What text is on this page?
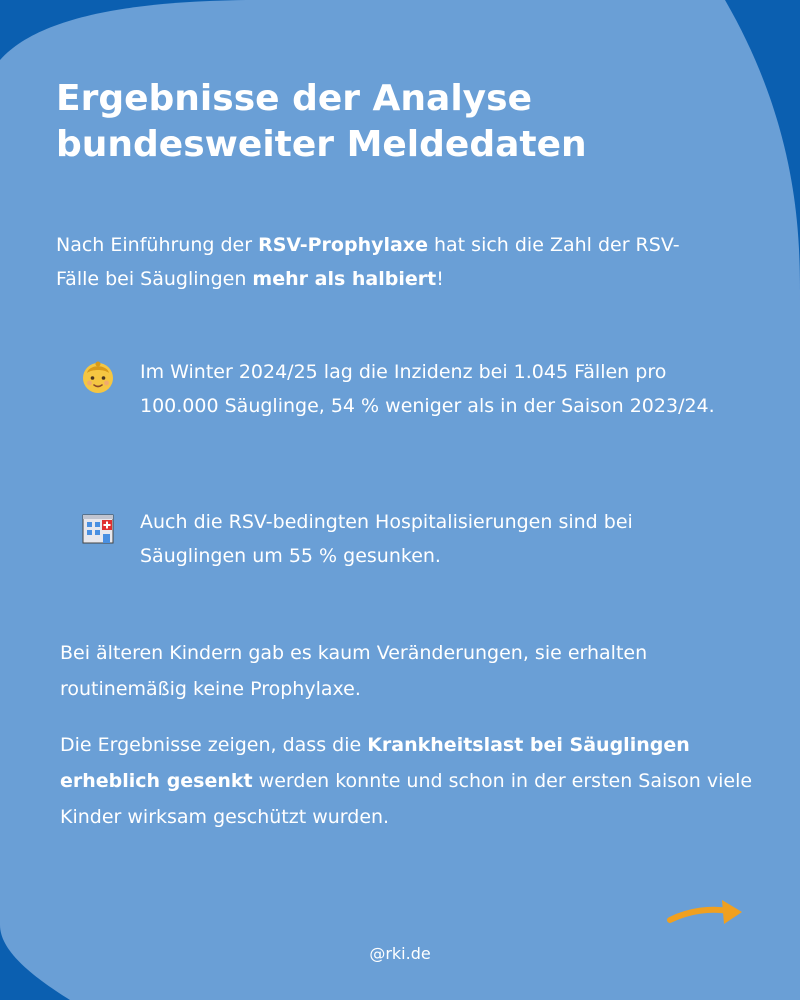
Ergebnisse der Analyse
bundesweiter Meldedaten

Nach Einführung der RSV-Prophylaxe hat sich die Zahl der RSV-Fälle bei Säuglingen mehr als halbiert!

Im Winter 2024/25 lag die Inzidenz bei 1.045 Fällen pro 100.000 Säuglinge, 54 % weniger als in der Saison 2023/24.

Auch die RSV-bedingten Hospitalisierungen sind bei Säuglingen um 55 % gesunken.

Bei älteren Kindern gab es kaum Veränderungen, sie erhalten routinemäßig keine Prophylaxe.

Die Ergebnisse zeigen, dass die Krankheitslast bei Säuglingen erheblich gesenkt werden konnte und schon in der ersten Saison viele Kinder wirksam geschützt wurden.

@rki.de
